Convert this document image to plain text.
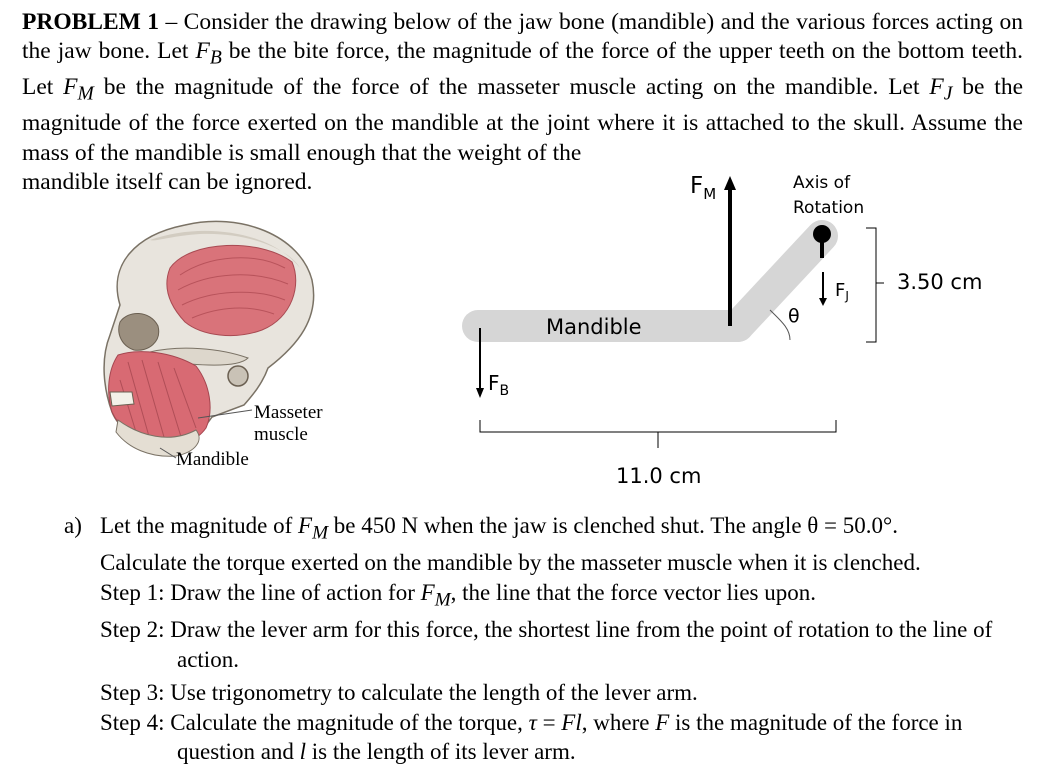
PROBLEM 1 – Consider the drawing below of the jaw bone (mandible) and the various forces acting on the jaw bone. Let $F_B$ be the bite force, the magnitude of the force of the upper teeth on the bottom teeth. Let $F_M$ be the magnitude of the force of the masseter muscle acting on the mandible. Let $F_J$ be the magnitude of the force exerted on the mandible at the joint where it is attached to the skull. Assume the mass of the mandible is small enough that the weight of the
mandible itself can be ignored.
Masseter
muscle
Mandible
Mandible
$F_M$
$F_B$
Axis of
Rotation
$F_J$
θ
3.50 cm
11.0 cm
a) Let the magnitude of $F_M$ be 450 N when the jaw is clenched shut. The angle θ = 50.0°.
Calculate the torque exerted on the mandible by the masseter muscle when it is clenched.
Step 1: Draw the line of action for $F_M$, the line that the force vector lies upon.
Step 2: Draw the lever arm for this force, the shortest line from the point of rotation to the line of action.
Step 3: Use trigonometry to calculate the length of the lever arm.
Step 4: Calculate the magnitude of the torque, τ = Fl, where F is the magnitude of the force in question and l is the length of its lever arm.
